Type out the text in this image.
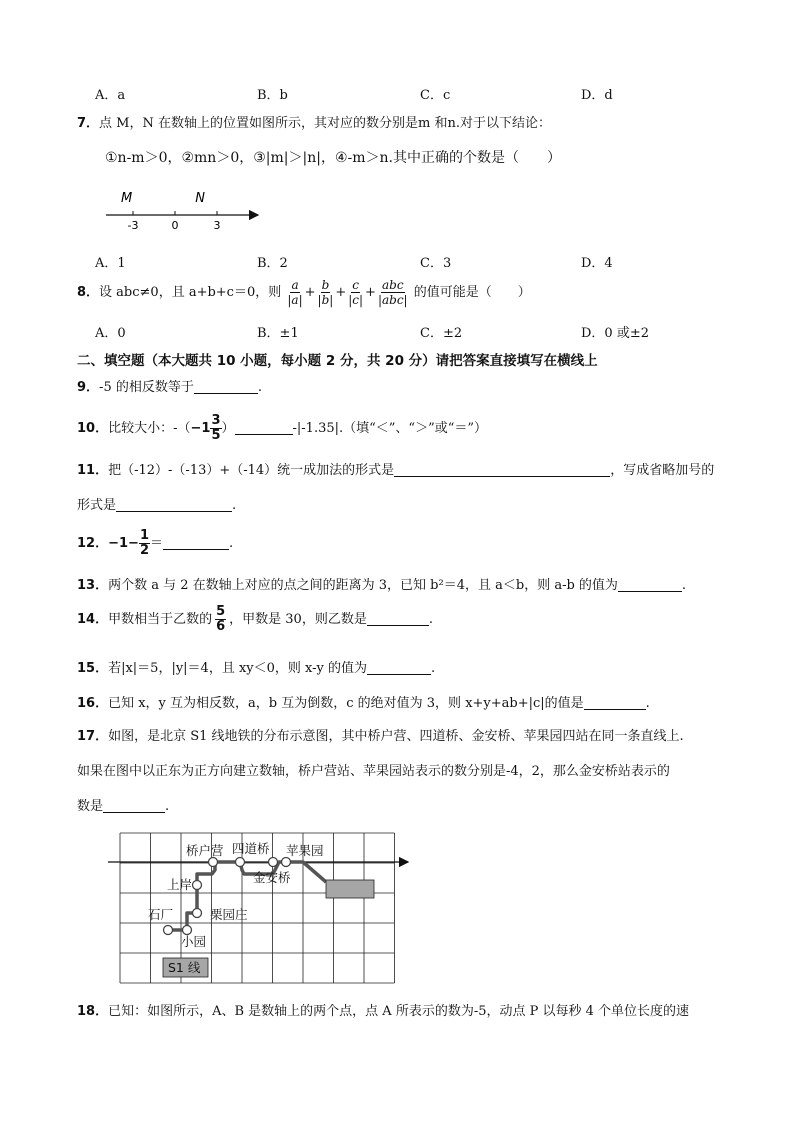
A．a	B．b	C．c	D．d
7．点 M，N 在数轴上的位置如图所示，其对应的数分别是m 和n.对于以下结论：
①n-m＞0，②mn＞0，③|m|＞|n|，④-m＞n.其中正确的个数是（　　）
-3	0	3
M	N
A．1	B．2	C．3	D．4
8．设 abc≠0，且 a+b+c＝0，则 $\frac{a}{|a|} + \frac{b}{|b|} + \frac{c}{|c|} + \frac{\text{abc}}{\text{|abc|}}$ 的值可能是（　　）
A．0	B．±1	C．±2	D．0 或±2
二、填空题（本大题共 10 小题，每小题 2 分，共 20 分）请把答案直接填写在横线上
9．-5 的相反数等于	.
10．比较大小：$-(-1 \frac{3}{5}$ ）	-|-1.35|.（填“＜”、“＞”或“＝”）
11．把（-12）-（-13）+（-14）统一成加法的形式是	，写成省略加号的
形式是	.
12．$-1- \frac{1}{2}$ ＝	.
13．两个数 a 与 2 在数轴上对应的点之间的距离为 3，已知 b²＝4，且 a＜b，则 a-b 的值为	.
14．甲数相当于乙数的 $\frac{5}{6}$ ，甲数是 30，则乙数是	.
15．若|x|＝5，|y|＝4，且 xy＜0，则 x-y 的值为	.
16．已知 x，y 互为相反数，a，b 互为倒数，c 的绝对值为 3，则 x+y+ab+|c|的值是	.
17．如图，是北京 S1 线地铁的分布示意图，其中桥户营、四道桥、金安桥、苹果园四站在同一条直线上.
如果在图中以正东为正方向建立数轴，桥户营站、苹果园站表示的数分别是-4，2，那么金安桥站表示的
数是	.
桥户营 四道桥 苹果园
金安桥
上岸
石厂	栗园庄
小园
S1 线
18．已知：如图所示，A、B 是数轴上的两个点，点 A 所表示的数为-5，动点 P 以每秒 4 个单位长度的速
